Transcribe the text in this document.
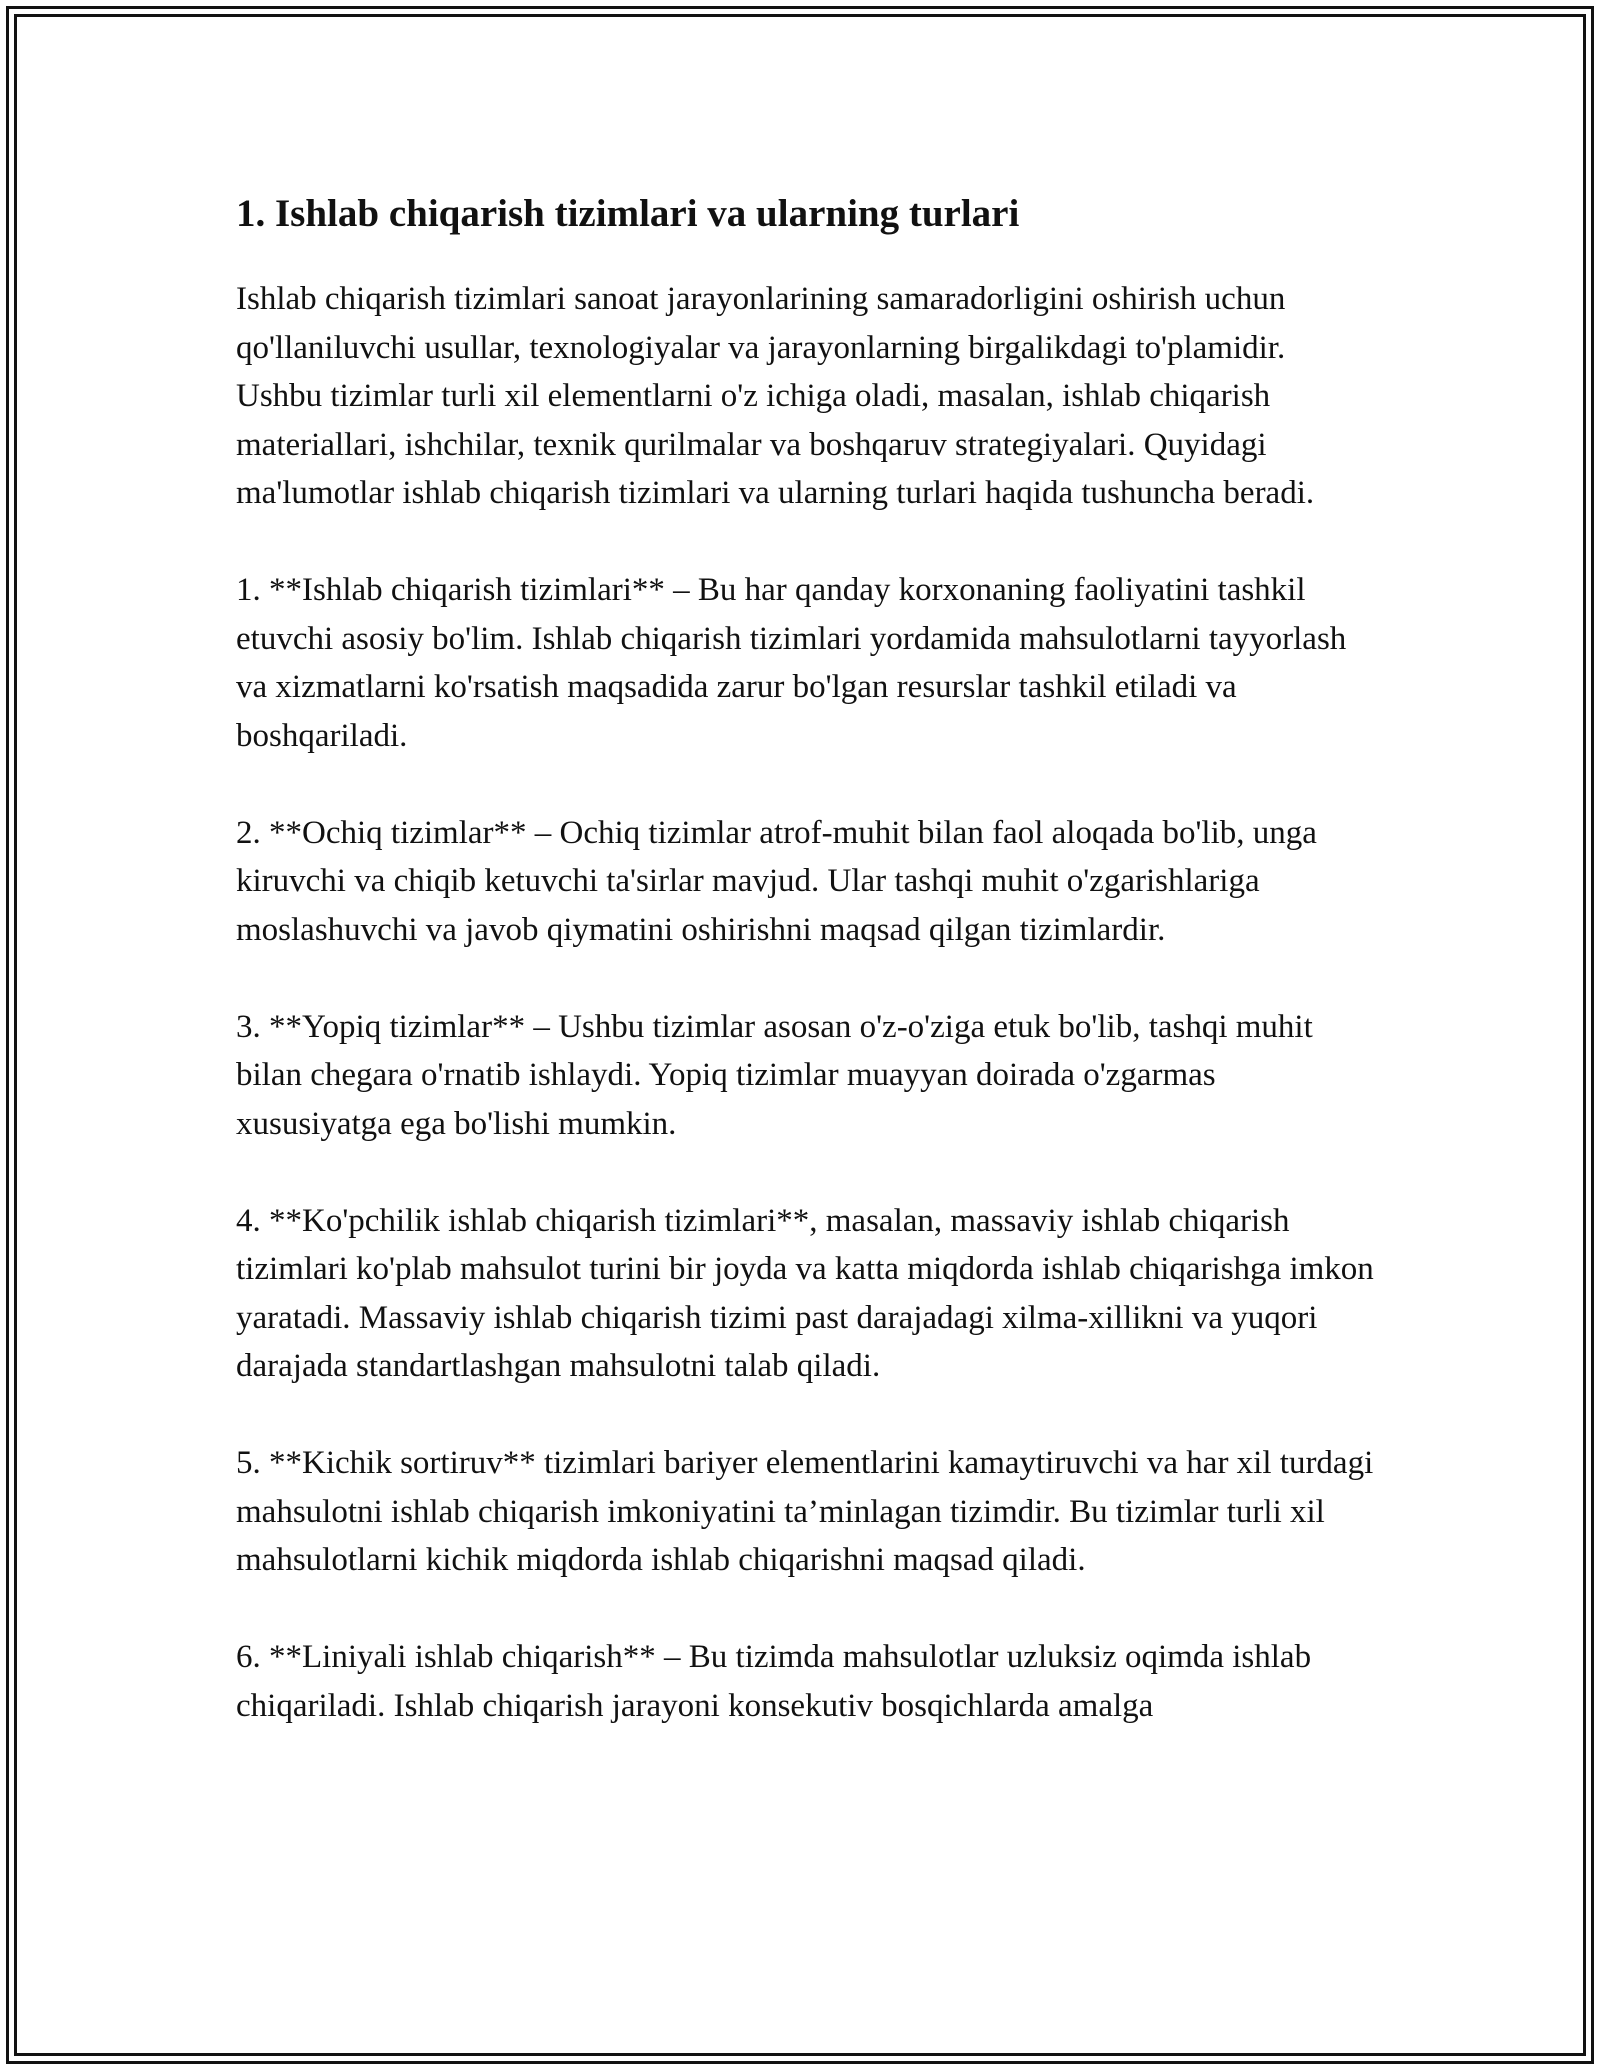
1. Ishlab chiqarish tizimlari va ularning turlari

Ishlab chiqarish tizimlari sanoat jarayonlarining samaradorligini oshirish uchun qo'llaniluvchi usullar, texnologiyalar va jarayonlarning birgalikdagi to'plamidir. Ushbu tizimlar turli xil elementlarni o'z ichiga oladi, masalan, ishlab chiqarish materiallari, ishchilar, texnik qurilmalar va boshqaruv strategiyalari. Quyidagi ma'lumotlar ishlab chiqarish tizimlari va ularning turlari haqida tushuncha beradi.

1. **Ishlab chiqarish tizimlari** – Bu har qanday korxonaning faoliyatini tashkil etuvchi asosiy bo'lim. Ishlab chiqarish tizimlari yordamida mahsulotlarni tayyorlash va xizmatlarni ko'rsatish maqsadida zarur bo'lgan resurslar tashkil etiladi va boshqariladi.

2. **Ochiq tizimlar** – Ochiq tizimlar atrof-muhit bilan faol aloqada bo'lib, unga kiruvchi va chiqib ketuvchi ta'sirlar mavjud. Ular tashqi muhit o'zgarishlariga moslashuvchi va javob qiymatini oshirishni maqsad qilgan tizimlardir.

3. **Yopiq tizimlar** – Ushbu tizimlar asosan o'z-o'ziga etuk bo'lib, tashqi muhit bilan chegara o'rnatib ishlaydi. Yopiq tizimlar muayyan doirada o'zgarmas xususiyatga ega bo'lishi mumkin.

4. **Ko'pchilik ishlab chiqarish tizimlari**, masalan, massaviy ishlab chiqarish tizimlari ko'plab mahsulot turini bir joyda va katta miqdorda ishlab chiqarishga imkon yaratadi. Massaviy ishlab chiqarish tizimi past darajadagi xilma-xillikni va yuqori darajada standartlashgan mahsulotni talab qiladi.

5. **Kichik sortiruv** tizimlari bariyer elementlarini kamaytiruvchi va har xil turdagi mahsulotni ishlab chiqarish imkoniyatini ta’minlagan tizimdir. Bu tizimlar turli xil mahsulotlarni kichik miqdorda ishlab chiqarishni maqsad qiladi.

6. **Liniyali ishlab chiqarish** – Bu tizimda mahsulotlar uzluksiz oqimda ishlab chiqariladi. Ishlab chiqarish jarayoni konsekutiv bosqichlarda amalga
